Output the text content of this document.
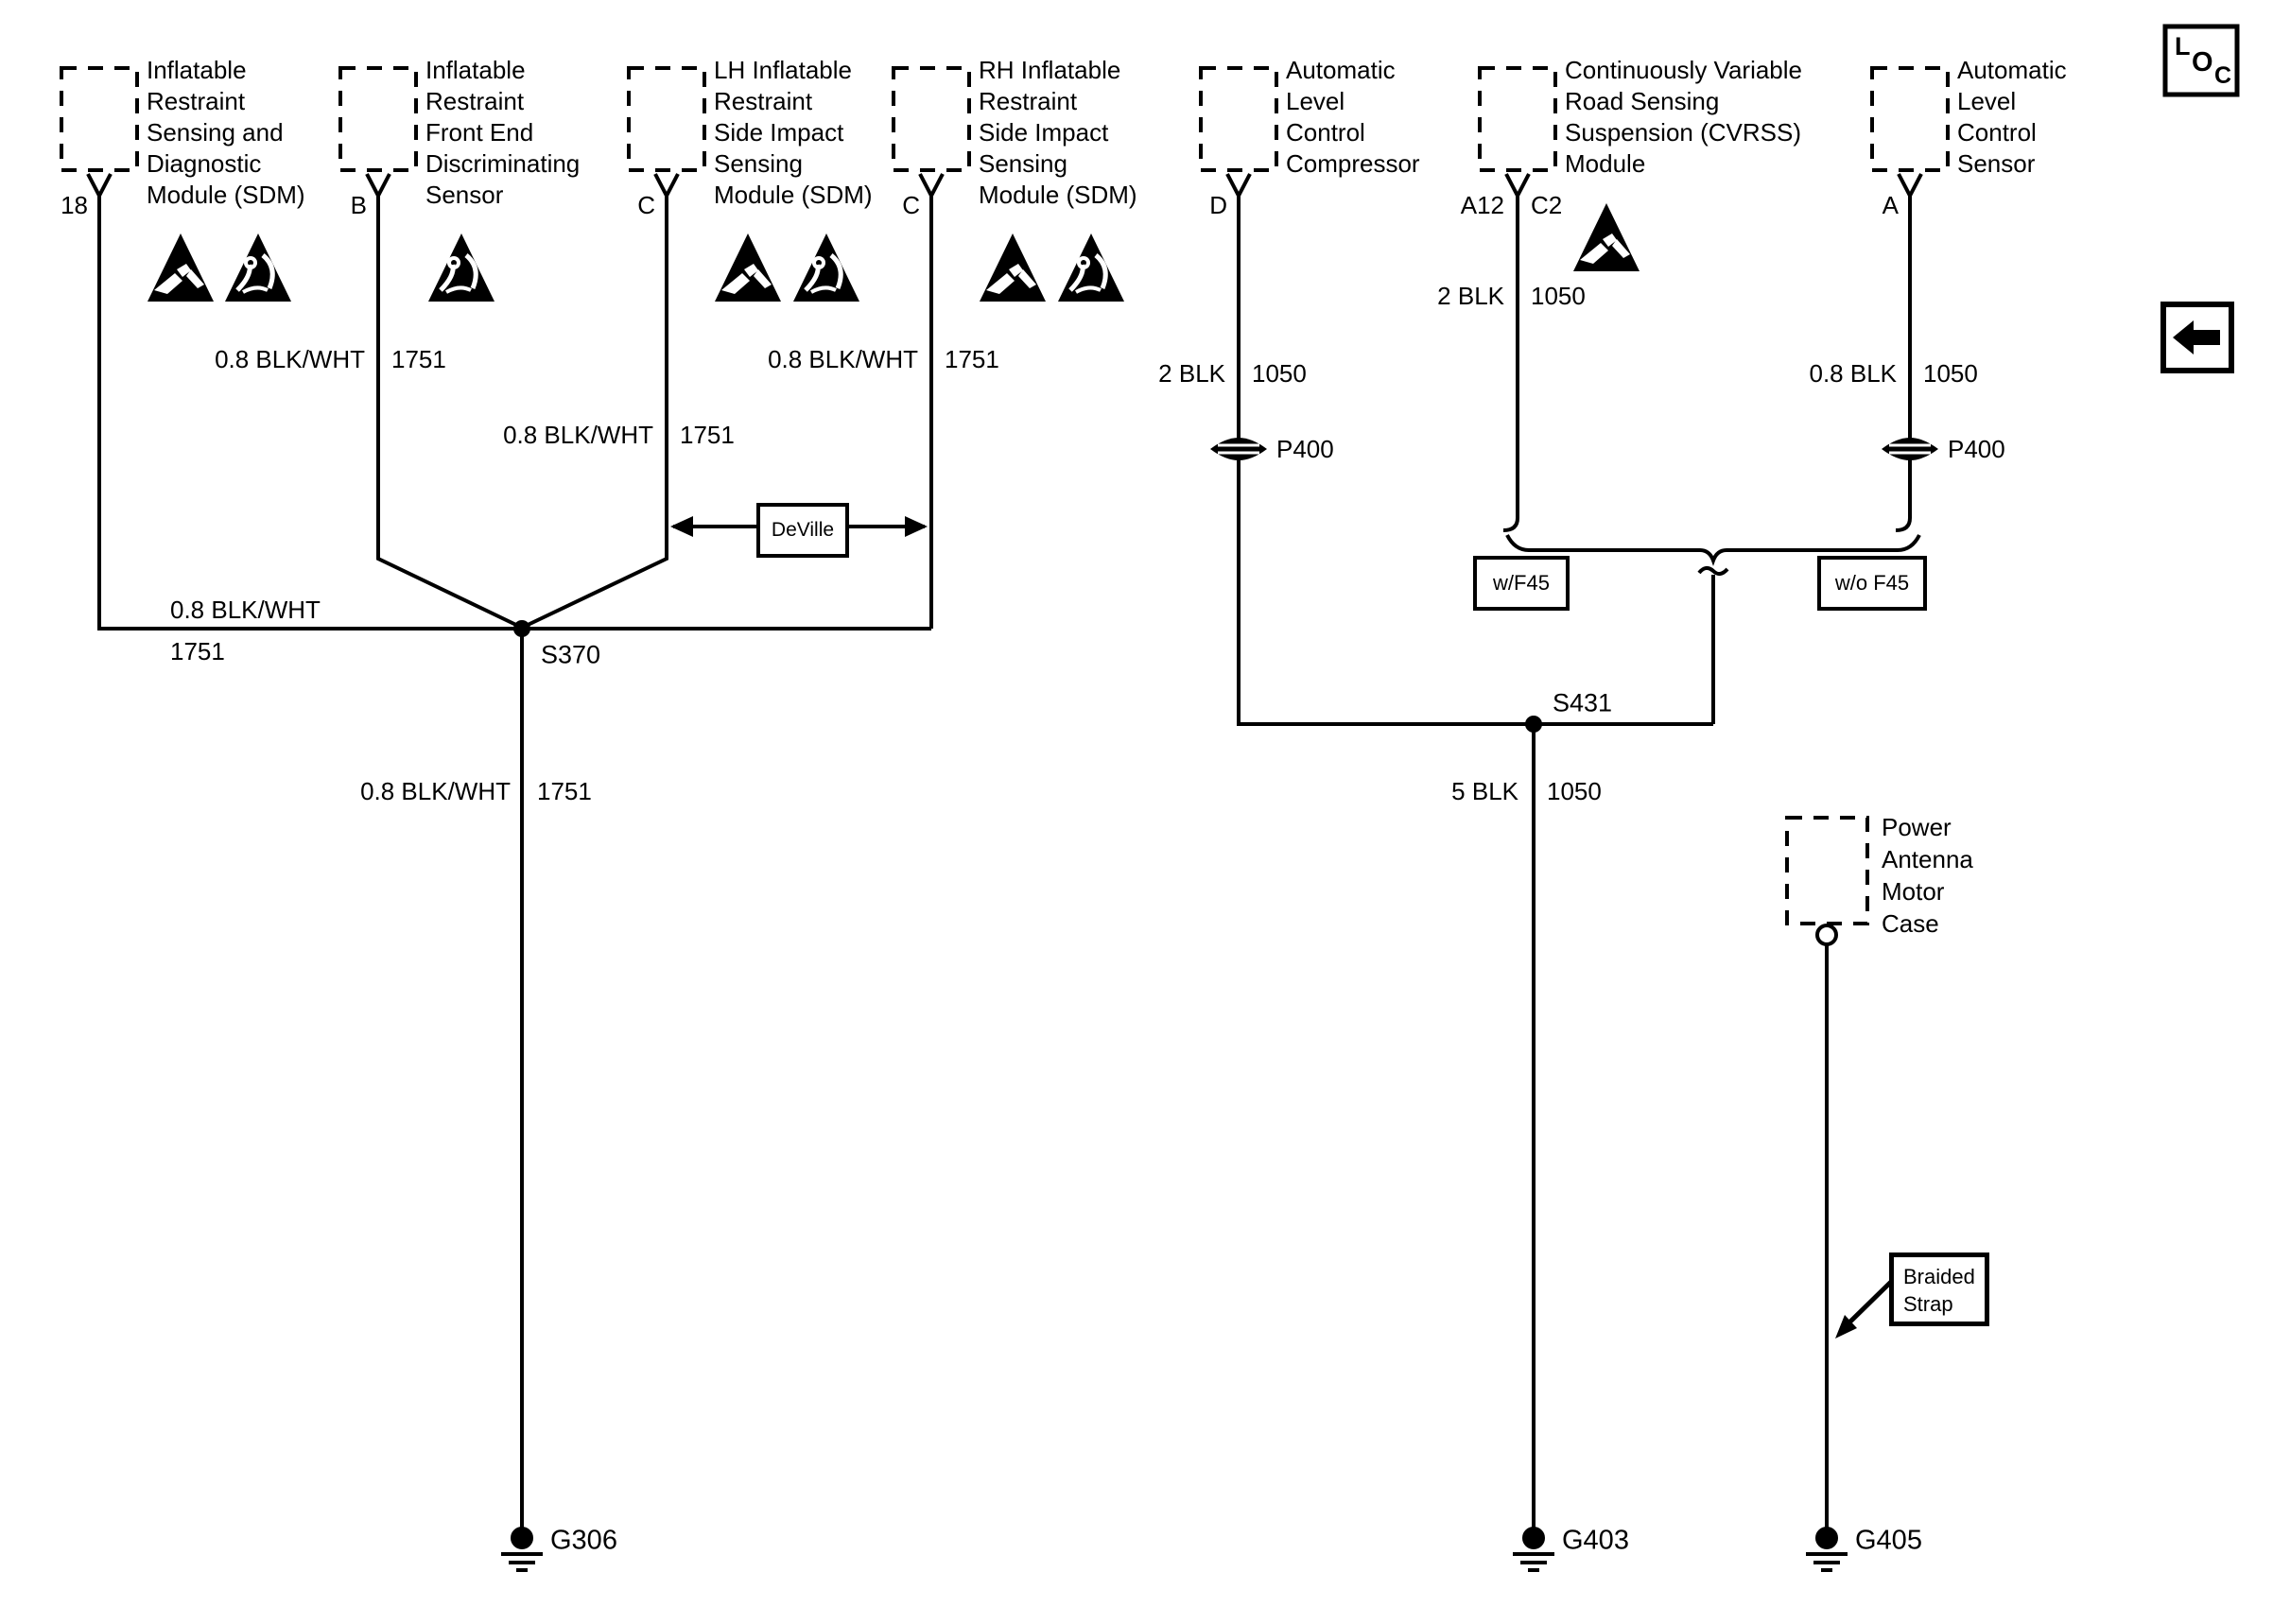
Inflatable
Restraint
Sensing and
Diagnostic
Module (SDM)
Inflatable
Restraint
Front End
Discriminating
Sensor
LH Inflatable
Restraint
Side Impact
Sensing
Module (SDM)
RH Inflatable
Restraint
Side Impact
Sensing
Module (SDM)
Automatic
Level
Control
Compressor
Continuously Variable
Road Sensing
Suspension (CVRSS)
Module
Automatic
Level
Control
Sensor
Power
Antenna
Motor
Case
18	B	C	C	D	A12 C2	A
0.8 BLK/WHT 1751	0.8 BLK/WHT 1751
0.8 BLK/WHT 1751
0.8 BLK/WHT
1751
0.8 BLK/WHT 1751
2 BLK 1050
2 BLK 1050
0.8 BLK 1050
5 BLK 1050
P400	P400
S370
S431
G306	G403	G405
DeVille
w/F45	w/o F45
Braided
Strap
L
O C
